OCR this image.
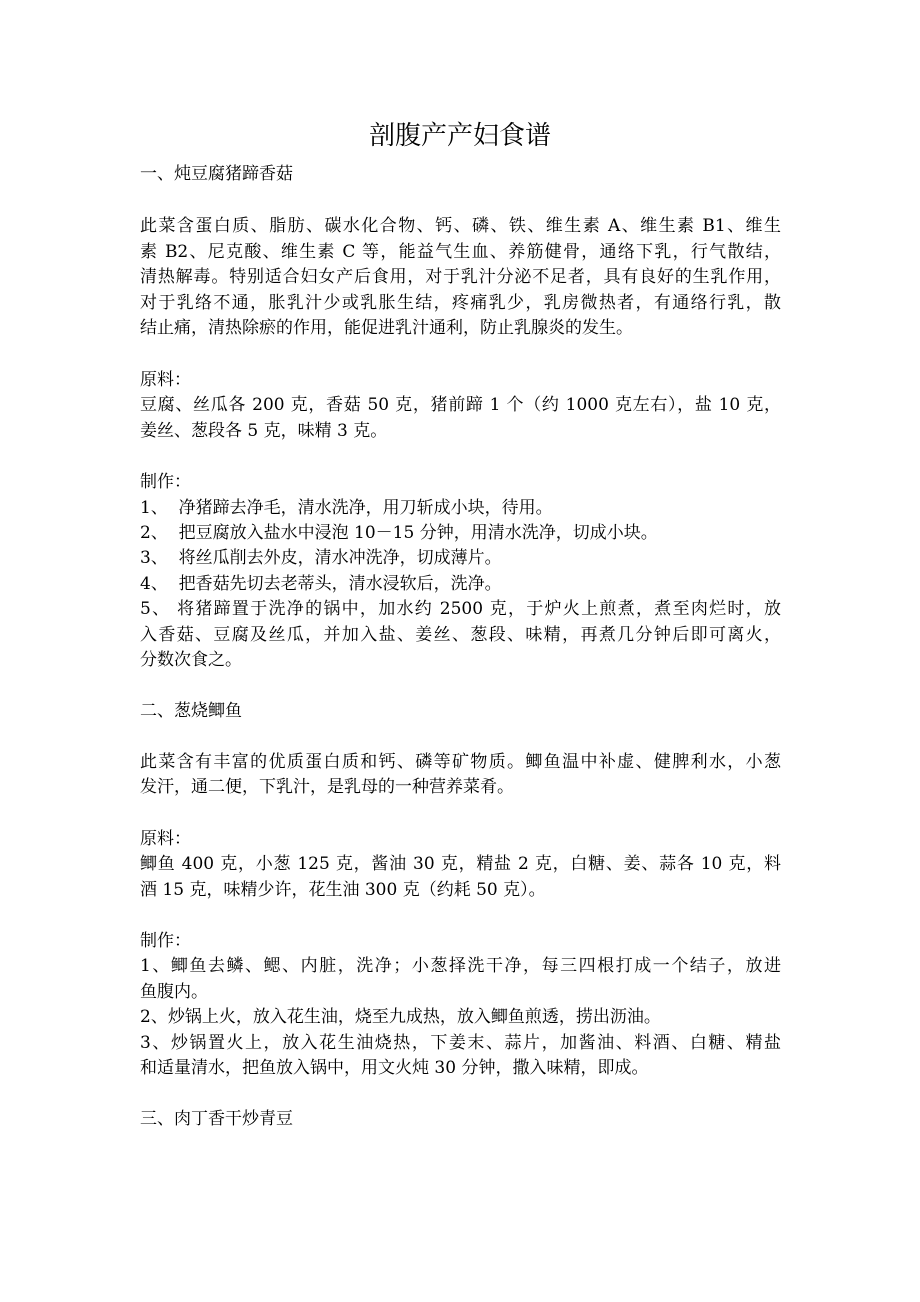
剖腹产产妇食谱
一、炖豆腐猪蹄香菇
此菜含蛋白质、脂肪、碳水化合物、钙、磷、铁、维生素 A、维生素 B1、维生
素 B2、尼克酸、维生素 C 等，能益气生血、养筋健骨，通络下乳，行气散结，
清热解毒。特别适合妇女产后食用，对于乳汁分泌不足者，具有良好的生乳作用，
对于乳络不通，胀乳汁少或乳胀生结，疼痛乳少，乳房微热者，有通络行乳，散
结止痛，清热除瘀的作用，能促进乳汁通利，防止乳腺炎的发生。
原料：
豆腐、丝瓜各 200 克，香菇 50 克，猪前蹄 1 个（约 1000 克左右），盐 10 克，
姜丝、葱段各 5 克，味精 3 克。
制作：
1、  净猪蹄去净毛，清水洗净，用刀斩成小块，待用。
2、  把豆腐放入盐水中浸泡 10－15 分钟，用清水洗净，切成小块。
3、  将丝瓜削去外皮，清水冲洗净，切成薄片。
4、  把香菇先切去老蒂头，清水浸软后，洗净。
5、 将猪蹄置于洗净的锅中，加水约 2500 克，于炉火上煎煮，煮至肉烂时，放
入香菇、豆腐及丝瓜，并加入盐、姜丝、葱段、味精，再煮几分钟后即可离火，
分数次食之。
二、葱烧鲫鱼
此菜含有丰富的优质蛋白质和钙、磷等矿物质。鲫鱼温中补虚、健脾利水，小葱
发汗，通二便，下乳汁，是乳母的一种营养菜肴。
原料：
鲫鱼 400 克，小葱 125 克，酱油 30 克，精盐 2 克，白糖、姜、蒜各 10 克，料
酒 15 克，味精少许，花生油 300 克（约耗 50 克）。
制作：
1、鲫鱼去鳞、鳃、内脏，洗净；小葱择洗干净，每三四根打成一个结子，放进
鱼腹内。
2、炒锅上火，放入花生油，烧至九成热，放入鲫鱼煎透，捞出沥油。
3、炒锅置火上，放入花生油烧热，下姜末、蒜片，加酱油、料酒、白糖、精盐
和适量清水，把鱼放入锅中，用文火炖 30 分钟，撒入味精，即成。
三、肉丁香干炒青豆
